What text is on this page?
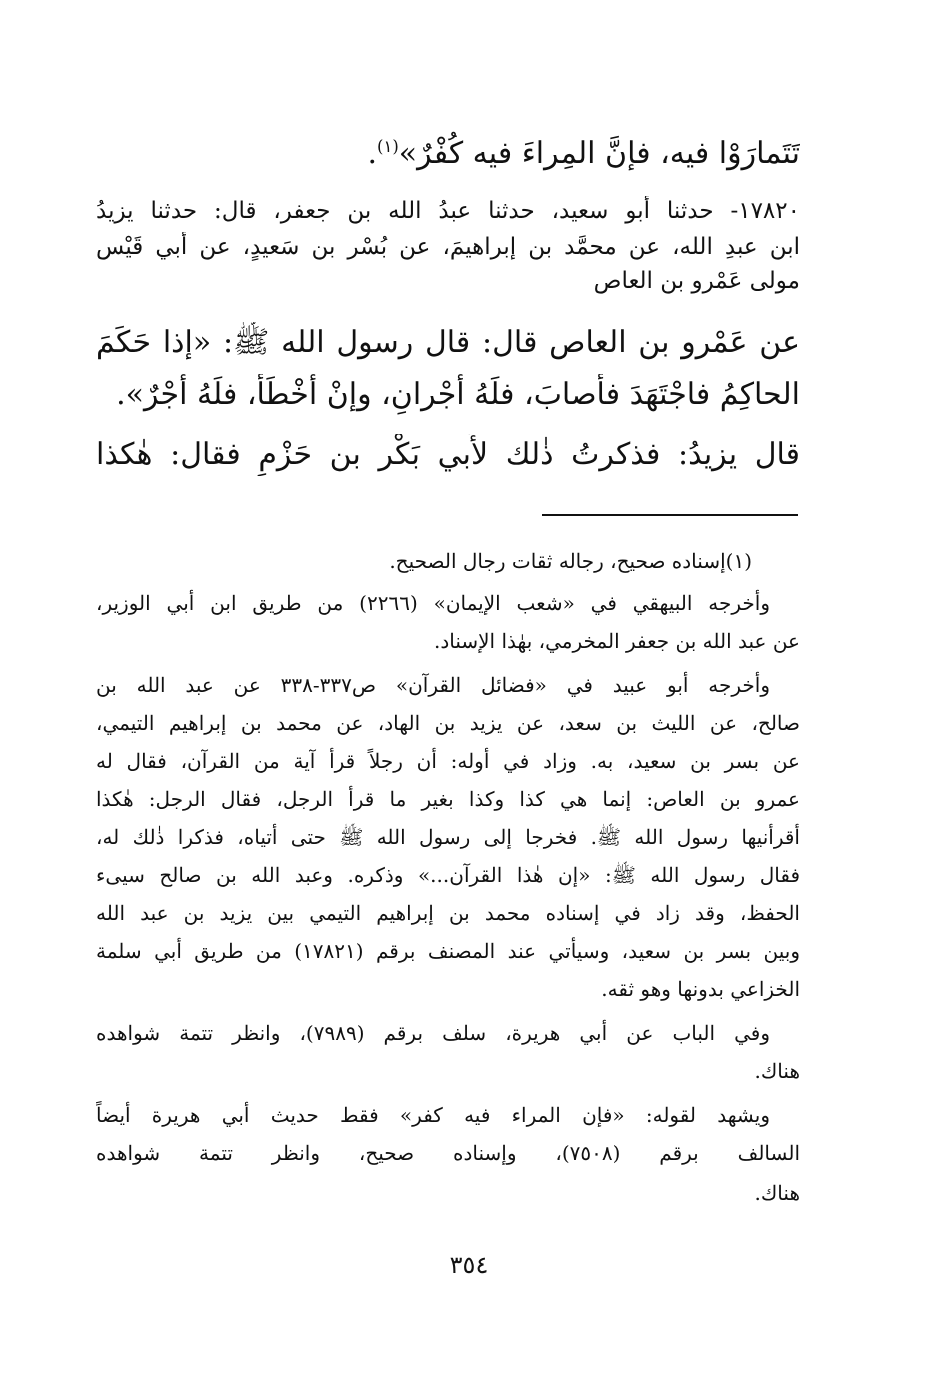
تَتَمارَوْا فيه، فإنَّ المِراءَ فيه كُفْرٌ»$^{(١)}$.
١٧٨٢٠- حدثنا أبو سعيد، حدثنا عبدُ الله بن جعفر، قال: حدثنا يزيدُ
ابن عبدِ الله، عن محمَّد بن إبراهيمَ، عن بُسْر بن سَعيدٍ، عن أبي قَيْس
مولى عَمْرو بن العاص
عن عَمْرو بن العاص قال: قال رسول الله ﷺ: «إذا حَكَمَ
الحاكِمُ فاجْتَهَدَ فأَصابَ، فلَهُ أَجْرانِ، وإنْ أَخْطَأَ، فلَهُ أَجْرٌ».
قال يزيدُ: فذكرتُ ذٰلك لأَبي بَكْر بن حَزْمٍ فقال: هٰكذا
(١)إسناده صحيح، رجاله ثقات رجال الصحيح.
وأخرجه البيهقي في «شعب الإيمان» (٢٢٦٦) من طريق ابن أبي الوزير،
عن عبد الله بن جعفر المخرمي، بهٰذا الإسناد.
وأخرجه أبو عبيد في «فضائل القرآن» ص٣٣٧-٣٣٨ عن عبد الله بن
صالح، عن الليث بن سعد، عن يزيد بن الهاد، عن محمد بن إبراهيم التيمي،
عن بسر بن سعيد، به. وزاد في أوله: أن رجلاً قرأ آية من القرآن، فقال له
عمرو بن العاص: إنما هي كذا وكذا بغير ما قرأ الرجل، فقال الرجل: هٰكذا
أقرأنيها رسول الله ﷺ. فخرجا إلى رسول الله ﷺ حتى أتياه، فذكرا ذٰلك له،
فقال رسول الله ﷺ: «إن هٰذا القرآن...» وذكره. وعبد الله بن صالح سيىء
الحفظ، وقد زاد في إسناده محمد بن إبراهيم التيمي بين يزيد بن عبد الله
وبين بسر بن سعيد، وسيأتي عند المصنف برقم (١٧٨٢١) من طريق أبي سلمة
الخزاعي بدونها وهو ثقه.
وفي الباب عن أبي هريرة، سلف برقم (٧٩٨٩)، وانظر تتمة شواهده
هناك.
ويشهد لقوله: «فإن المراء فيه كفر» فقط حديث أبي هريرة أيضاً
السالف برقم (٧٥٠٨)، وإسناده صحيح، وانظر تتمة شواهده
هناك.
٣٥٤
